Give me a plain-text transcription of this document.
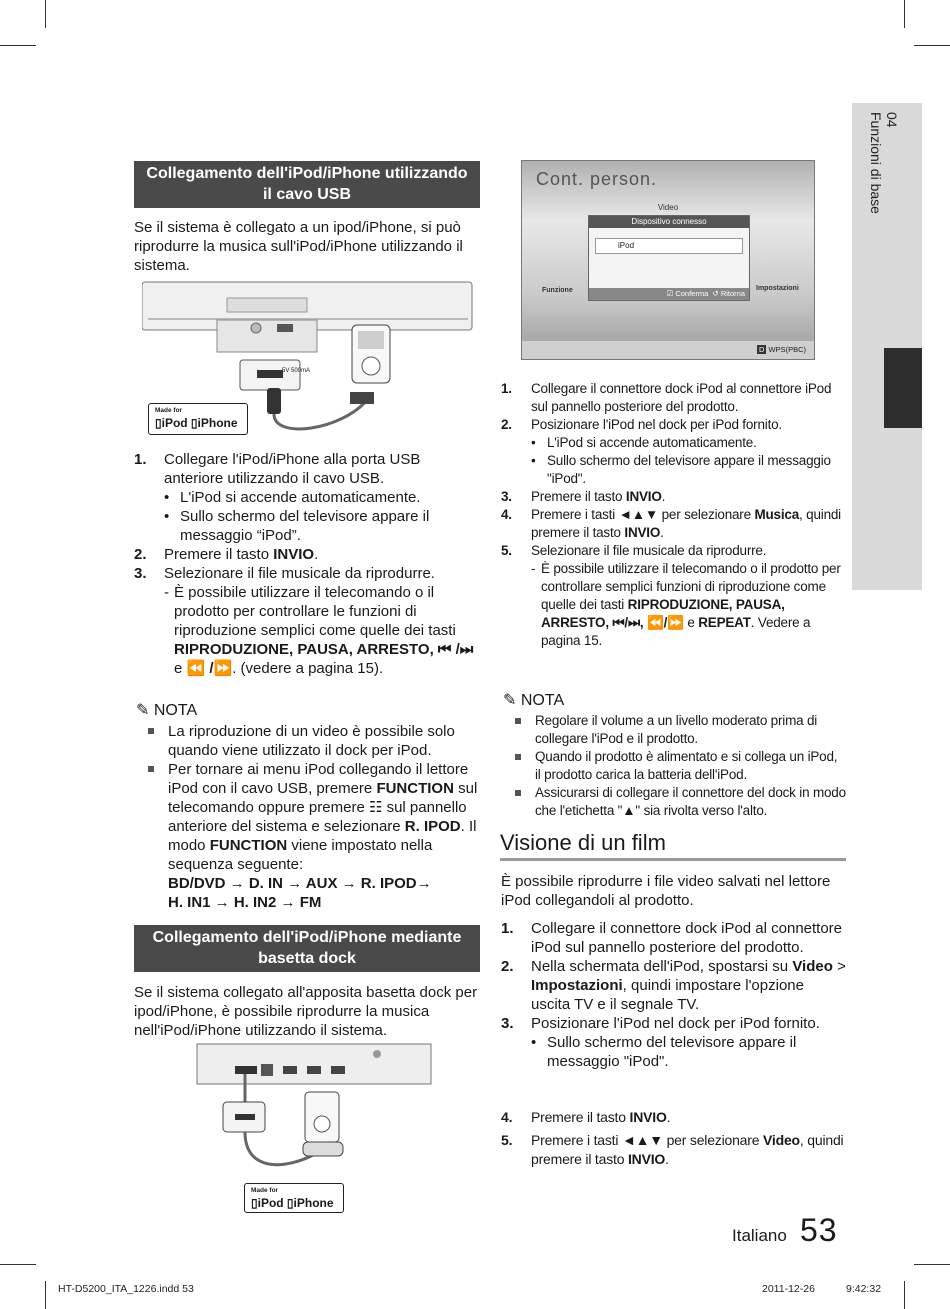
04
Funzioni di base
Collegamento dell'iPod/iPhone utilizzando il cavo USB
Se il sistema è collegato a un ipod/iPhone, si può riprodurre la musica sull'iPod/iPhone utilizzando il sistema.
5V 500mA
Made for
▯iPod ▯iPhone
1. Collegare l'iPod/iPhone alla porta USB anteriore utilizzando il cavo USB.
• L'iPod si accende automaticamente.
• Sullo schermo del televisore appare il messaggio “iPod”.
2. Premere il tasto INVIO.
3. Selezionare il file musicale da riprodurre.
- È possibile utilizzare il telecomando o il prodotto per controllare le funzioni di riproduzione semplici come quelle dei tasti RIPRODUZIONE, PAUSA, ARRESTO, ⏮ /⏭ e ⏪ /⏩. (vedere a pagina 15).
✎ NOTA
La riproduzione di un video è possibile solo quando viene utilizzato il dock per iPod.
Per tornare ai menu iPod collegando il lettore iPod con il cavo USB, premere FUNCTION sul telecomando oppure premere ☷ sul pannello anteriore del sistema e selezionare R. IPOD. Il modo FUNCTION viene impostato nella sequenza seguente:
BD/DVD → D. IN → AUX → R. IPOD→
H. IN1 → H. IN2 → FM
Collegamento dell'iPod/iPhone mediante basetta dock
Se il sistema collegato all'apposita basetta dock per ipod/iPhone, è possibile riprodurre la musica nell'iPod/iPhone utilizzando il sistema.
Made for
▯iPod ▯iPhone
Cont. person.
Video
Dispositivo connesso
iPod
☑ Conferma ↺ Ritorna
Funzione	Impostazioni
D WPS(PBC)
1. Collegare il connettore dock iPod al connettore iPod sul pannello posteriore del prodotto.
2. Posizionare l'iPod nel dock per iPod fornito.
• L'iPod si accende automaticamente.
• Sullo schermo del televisore appare il messaggio "iPod".
3. Premere il tasto INVIO.
4. Premere i tasti ◄▲▼ per selezionare Musica, quindi premere il tasto INVIO.
5. Selezionare il file musicale da riprodurre.
- È possibile utilizzare il telecomando o il prodotto per controllare semplici funzioni di riproduzione come quelle dei tasti RIPRODUZIONE, PAUSA, ARRESTO, ⏮/⏭, ⏪/⏩ e REPEAT. Vedere a pagina 15.
✎ NOTA
Regolare il volume a un livello moderato prima di collegare l'iPod e il prodotto.
Quando il prodotto è alimentato e si collega un iPod, il prodotto carica la batteria dell'iPod.
Assicurarsi di collegare il connettore del dock in modo che l'etichetta "▲" sia rivolta verso l'alto.
Visione di un film
È possibile riprodurre i file video salvati nel lettore iPod collegandoli al prodotto.
1. Collegare il connettore dock iPod al connettore iPod sul pannello posteriore del prodotto.
2. Nella schermata dell'iPod, spostarsi su Video > Impostazioni, quindi impostare l'opzione uscita TV e il segnale TV.
3. Posizionare l'iPod nel dock per iPod fornito.
• Sullo schermo del televisore appare il messaggio "iPod".
4. Premere il tasto INVIO.
5. Premere i tasti ◄▲▼ per selezionare Video, quindi premere il tasto INVIO.
Italiano 53
HT-D5200_ITA_1226.indd 53	2011-12-26	9:42:32
